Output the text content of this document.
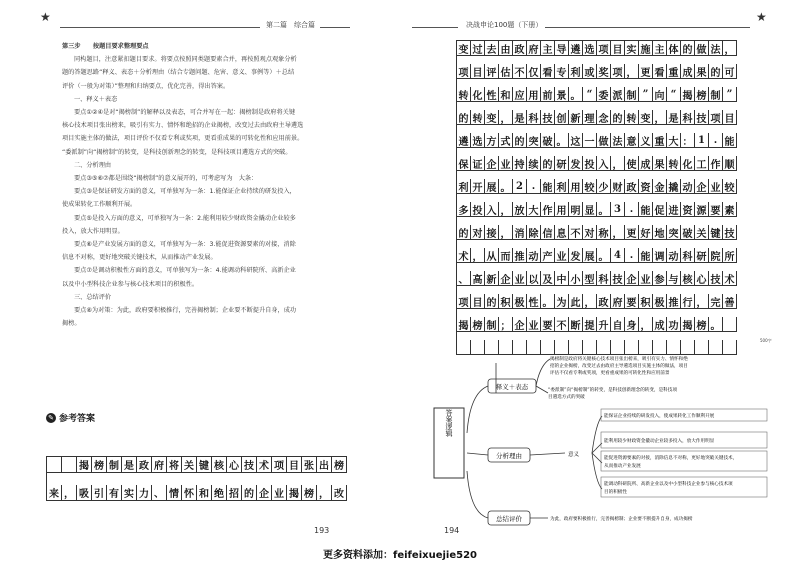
★
第二篇　综合篇

第三步　　按题目要求整理要点

同构题目，注意紧扣题目要求。将要点按照同类题要素合并，再按照观点观象分析

题的答题思路“释义、表态＋分析理由（结合专题问题、危害、意义、事例等）＋总结

评价（一般为对策）”整理和归纳要点，优化完善，得出答案。

一、释义＋表态

要点①②④是对“揭榜制”的解释以及表态，可合并写在一起：揭榜制是政府将关键

核心技术项目张出榜来，吸引有实力、情怀和绝招的企业揭榜，改变过去由政府主导遴选

项目实施主体的做法，项目评价不仅看专利或奖项，更看重成果的可转化性和应用前景。

“委派制”向“揭榜制”的转变，是科技创新理念的转变，是科技项目遴选方式的突破。

二、分析理由

要点③⑤⑥⑦都是围绕“揭榜制”的意义展开的，可考虑写为　大条：

要点③是保证研发方面的意义，可单独写为一条：1.能保证企业持续的研发投入，

使成果转化工作顺利开展。

要点⑤是投入方面的意义，可单独写为一条：2.能利用较少财政资金撬动企业较多

投入，放大作用明显。

要点⑥是产业发展方面的意义，可单独写为一条：3.能促进资源要素的对接，消除

信息不对称，更好地突破关键技术，从而推动产业发展。

要点⑦是调动积极性方面的意义，可单独写为一条：4.能调动科研院所、高新企业

以及中小型科技企业参与核心技术项目的积极性。

三、总结评价

要点⑧为对策：为此，政府要积极推行，完善揭榜制；企业要不断提升自身，成功

揭榜。

✎ 参考答案

揭 榜 制 是 政 府 将 关 键 核 心 技 术 项 目 张 出 榜
来 ， 吸 引 有 实 力 、 情 怀 和 绝 招 的 企 业 揭 榜 ， 改
193
决战申论100题（下册）
★
变 过 去 由 政 府 主 导 遴 选 项 目 实 施 主 体 的 做 法 ，
项 目 评 估 不 仅 看 专 利 或 奖 项 ， 更 看 重 成 果 的 可
转 化 性 和 应 用 前 景 。 “ 委 派 制 ” 向 “ 揭 榜 制 ”
的 转 变 ， 是 科 技 创 新 理 念 的 转 变 ， 是 科 技 项 目
遴 选 方 式 的 突 破 。 这 一 做 法 意 义 重 大 ： 1 . 能
保 证 企 业 持 续 的 研 发 投 入 ， 使 成 果 转 化 工 作 顺
利 开 展 。 2 . 能 利 用 较 少 财 政 资 金 撬 动 企 业 较
多 投 入 ， 放 大 作 用 明 显 。 3 . 能 促 进 资 源 要 素
的 对 接 ， 消 除 信 息 不 对 称 ， 更 好 地 突 破 关 键 技
术 ， 从 而 推 动 产 业 发 展 。 4 . 能 调 动 科 研 院 所
、 高 新 企 业 以 及 中 小 型 科 技 企 业 参 与 核 心 技 术
项 目 的 积 极 性 。 为 此 ， 政 府 要 积 极 推 行 ， 完 善
揭 榜 制 ； 企 业 要 不 断 提 升 自 身 ， 成 功 揭 榜 。
194
500字
答案逻辑
释义＋表态
分析理由
总结评价
揭榜制是政府将关键核心技术项目张出榜来，吸引有实力、情怀和绝
招的企业揭榜，改变过去由政府主导遴选项目实施主体的做法，项目
评估不仅看专利或奖项，更看重成果的可转化性和应用前景
“委派制”向“揭榜制”的转变，是科技创新理念的转变，是科技项
目遴选方式的突破
意义
能保证企业持续的研发投入，使成果转化工作顺利开展
能利用较少财政资金撬动企业较多投入，放大作用明显
能促进资源要素的对接，消除信息不对称，更好地突破关键技术，
从而推动产业发展
能调动科研院所、高新企业以及中小型科技企业参与核心技术项
目的积极性
为此，政府要积极推行，完善揭榜制；企业要不断提升自身，成功揭榜
更多资料添加：feifeixuejie520
